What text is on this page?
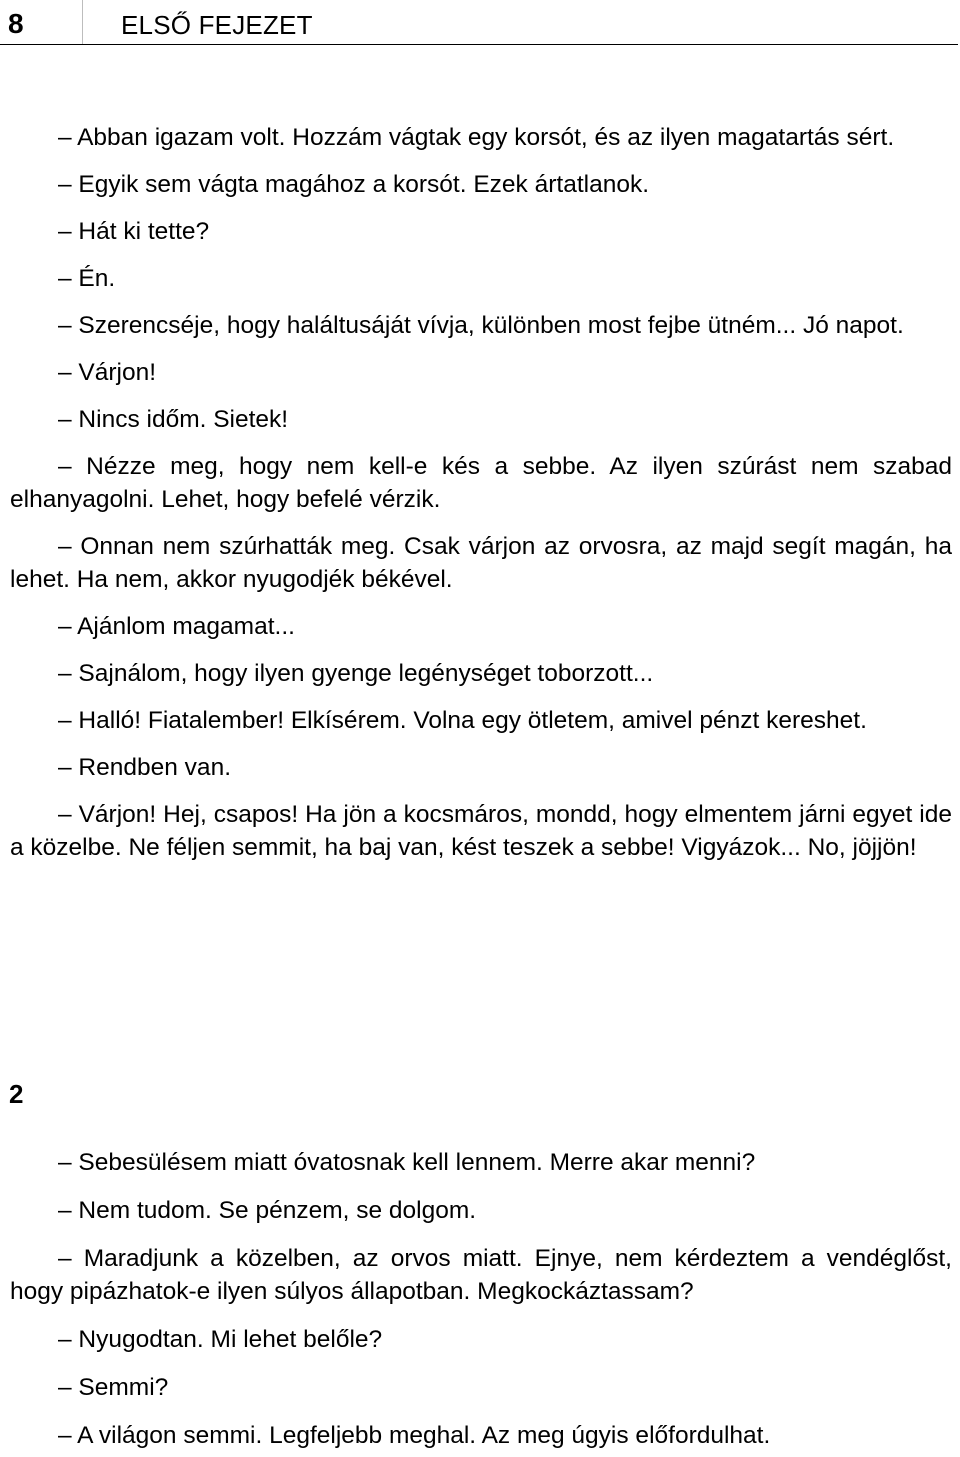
8	ELSŐ FEJEZET

– Abban igazam volt. Hozzám vágtak egy korsót, és az ilyen magatartás sért.

– Egyik sem vágta magához a korsót. Ezek ártatlanok.

– Hát ki tette?

– Én.

– Szerencséje, hogy haláltusáját vívja, különben most fejbe ütném... Jó napot.

– Várjon!

– Nincs időm. Sietek!

– Nézze meg, hogy nem kell-e kés a sebbe. Az ilyen szúrást nem szabad elhanyagolni. Lehet, hogy befelé vérzik.

– Onnan nem szúrhatták meg. Csak várjon az orvosra, az majd segít magán, ha lehet. Ha nem, akkor nyugodjék békével.

– Ajánlom magamat...

– Sajnálom, hogy ilyen gyenge legénységet toborzott...

– Halló! Fiatalember! Elkísérem. Volna egy ötletem, amivel pénzt kereshet.

– Rendben van.

– Várjon! Hej, csapos! Ha jön a kocsmáros, mondd, hogy elmentem járni egyet ide a közelbe. Ne féljen semmit, ha baj van, kést teszek a sebbe! Vigyázok... No, jöjjön!

2

– Sebesülésem miatt óvatosnak kell lennem. Merre akar menni?

– Nem tudom. Se pénzem, se dolgom.

– Maradjunk a közelben, az orvos miatt. Ejnye, nem kérdeztem a vendéglőst, hogy pipázhatok-e ilyen súlyos állapotban. Megkockáztassam?

– Nyugodtan. Mi lehet belőle?

– Semmi?

– A világon semmi. Legfeljebb meghal. Az meg úgyis előfordulhat.
